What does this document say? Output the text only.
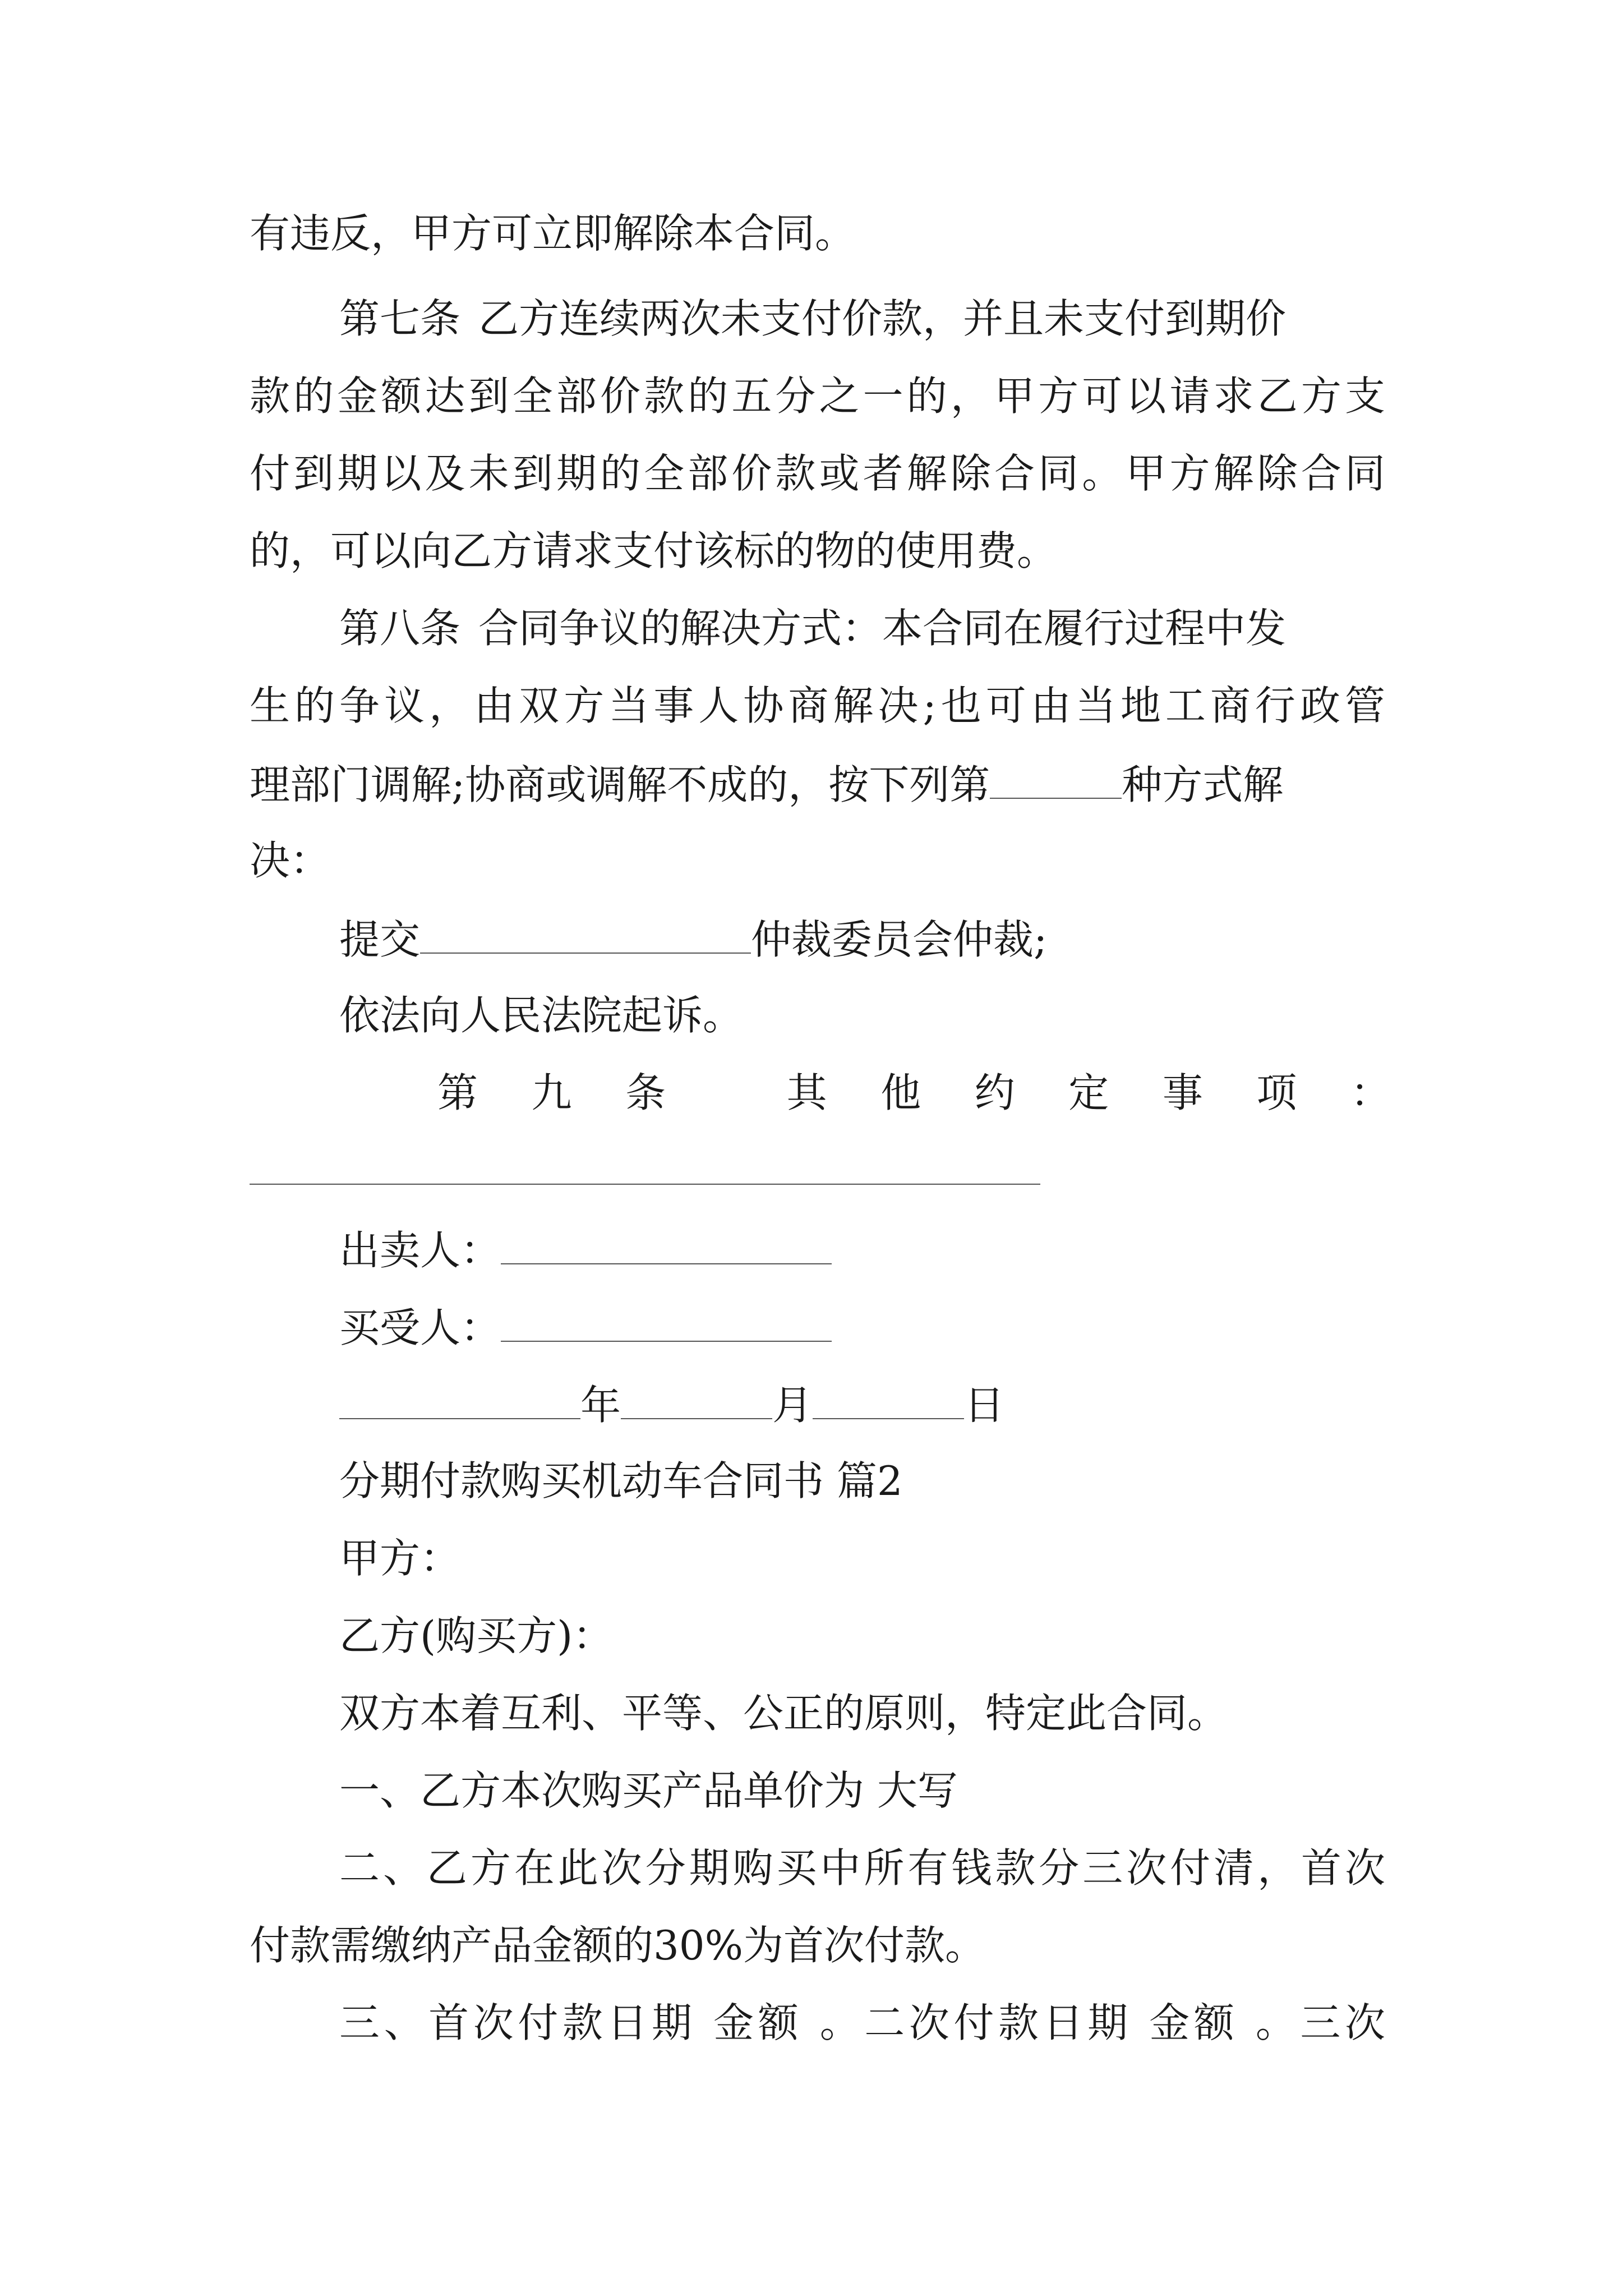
有违反，甲方可立即解除本合同。
第七条 乙方连续两次未支付价款，并且未支付到期价
款的金额达到全部价款的五分之一的，甲方可以请求乙方支
付到期以及未到期的全部价款或者解除合同。甲方解除合同
的，可以向乙方请求支付该标的物的使用费。
第八条 合同争议的解决方式：本合同在履行过程中发
生的争议，由双方当事人协商解决;也可由当地工商行政管
理部门调解;协商或调解不成的，按下列第	种方式解
决：
提交	仲裁委员会仲裁;
依法向人民法院起诉。
第 九 条	其 他 约 定 事 项 ：
出卖人：
买受人：
年	月	日
分期付款购买机动车合同书 篇2
甲方：
乙方(购买方)：
双方本着互利、平等、公正的原则，特定此合同。
一、乙方本次购买产品单价为 大写
二、乙方在此次分期购买中所有钱款分三次付清，首次
付款需缴纳产品金额的30%为首次付款。
三、首次付款日期 金额 。二次付款日期 金额 。三次
